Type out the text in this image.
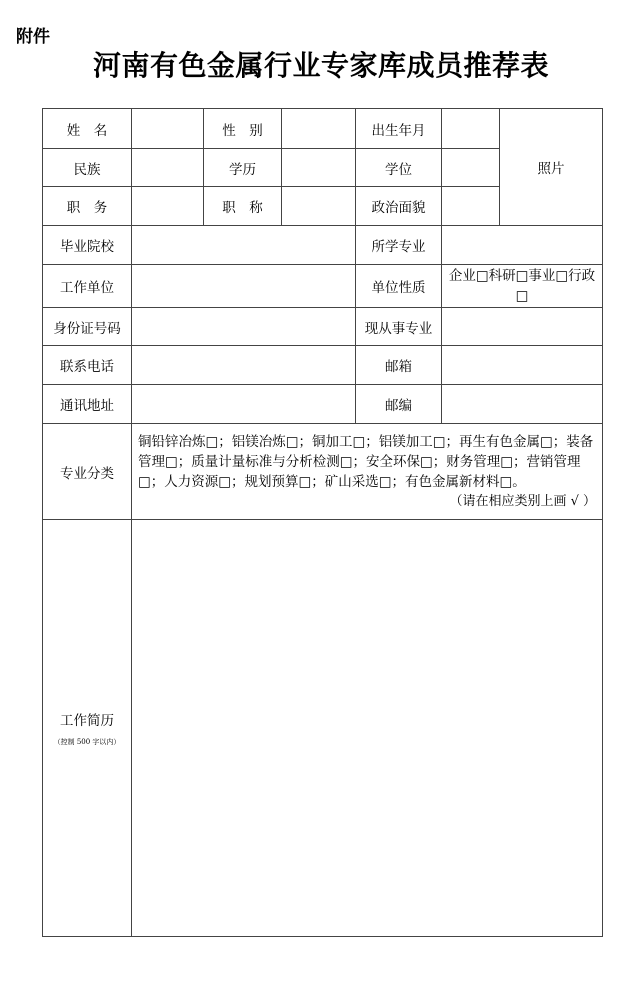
附件
河南有色金属行业专家库成员推荐表
姓　名		性　别		出生年月		照片
民族		学历		学位		
职　务		职　称		政治面貌		
毕业院校				所学专业		
工作单位				单位性质	企业□科研□事业□行政□	
身份证号码				现从事专业		
联系电话				邮箱		
通讯地址				邮编		
专业分类	铜铅锌冶炼□；铝镁冶炼□；铜加工□；铝镁加工□；再生有色金属□；装备管理□；质量计量标准与分析检测□；安全环保□；财务管理□；营销管理□；人力资源□；规划预算□；矿山采选□；有色金属新材料□。
（请在相应类别上画 √ ）					

工作简历
（控制 500 字以内）						
